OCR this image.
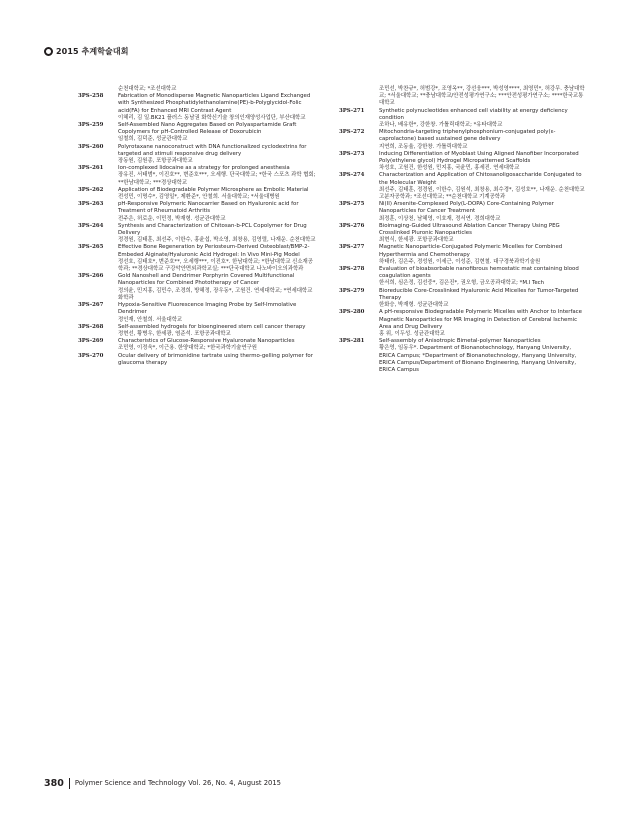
2015 추계학술대회
순천대학교; *조선대학교
3PS-258	Fabrication of Monodisperse Magnetic Nanoparticles Ligand Exchanged with Synthesized Phosphatidylethanolamine(PE)-b-Polyglycidol-Folic acid(FA) for Enhanced MRI Contrast Agent
이혜리, 김 일.BK21 플러스 동남권 화학신기술 창의인재양성사업단, 부산대학교
3PS-259	Self-Assembled Nano Aggregates Based on Polyaspartamide Graft Copolymers for pH-Controlled Release of Doxorubicin
임철희, 김덕준, 성균관대학교
3PS-260	Polyrotaxane nanoconstruct with DNA functionalized cyclodextrins for targeted and stimuli responsive drug delivery
장동원, 김원종, 포항공과대학교
3PS-261	Ion-complexed lidocaine as a strategy for prolonged anesthesia
장유진, 서태범*, 이진호**, 변준호***, 오세행. 단국대학교; *한국 스포츠 과학 협회; **한남대학교; ***경상대학교
3PS-262	Application of Biodegradable Polymer Microsphere as Embolic Material
전성민, 이명수*, 김영일*, 제환준*, 안철희. 서울대학교; *서울대병원
3PS-263	pH-Responsive Polymeric Nanocarrier Based on Hyaluronic acid for Treatment of Rheumatoid Arthritis
전주은, 허로운, 이민정, 박재형. 성균관대학교
3PS-264	Synthesis and Characterization of Chitosan-b-PCL Copolymer for Drug Delivery
정경원, 김태훈, 최선주, 이한수, 홍윤섭, 박소영, 최창용, 김영렬, 나재운. 순천대학교
3PS-265	Effective Bone Regeneration by Periosteum-Derived Osteoblast/BMP-2-Embeded Alginate/Hyaluronic Acid Hydrogel: In Vivo Mini-Pig Model
정선호, 김태호*, 변준호**, 오세행***, 이진호*. 한남대학교; *한남대학교 신소재공학과; **경상대학교 구강악안면외과학교실; ***단국대학교 나노바이오의과학과
3PS-266	Gold Nanoshell and Dendrimer Porphyrin Covered Multifunctional Nanoparticles for Combined Phototherapy of Cancer
정의윤, 민지홍, 김민수, 조경희, 방혜정, 장우동*, 고원건. 연세대학교; *연세대학교 화학과
3PS-267	Hypoxia-Sensitive Fluorescence Imaging Probe by Self-Immolative Dendrimer
정인재, 안철희. 서울대학교
3PS-268	Self-assembled hydrogels for bioengineered stem cell cancer therapy
정현선, 황병우, 한세광, 염준석. 포항공과대학교
3PS-269	Characteristics of Glucose-Responsive Hyaluronate Nanoparticles
조민영, 이정욱*, 이근용. 한양대학교; *한국과학기술연구원
3PS-270	Ocular delivery of brimonidine tartrate using thermo-gelling polymer for glaucoma therapy
조민선, 박찬규*, 허범강*, 조영옥**, 강선웅***, 박성영****, 최영민*, 허강무. 충남대학교; *서울대학교; **충남대학교/안전성평가연구소; ***안전성평가연구소; ****한국교통대학교
3PS-271	Synthetic polynucleotides enhanced cell viability at energy deficiency condition
조하나, 배유한*, 강한창. 가톨릭대학교; *유타대학교
3PS-272	Mitochondria-targeting triphenylphosphonium-conjugated poly(ε-caprolactone) based sustained gene delivery
지연희, 조동율, 강한창. 가톨릭대학교
3PS-273	Inducing Differentiation of Myoblast Using Aligned Nanofiber Incorporated Poly(ethylene glycol) Hydrogel Micropatterned Scaffolds
차성호, 고원건, 한성원, 민지홍, 국윤민, 홍세진. 연세대학교
3PS-274	Characterization and Application of Chitosanoligosaccharide Conjugated to the Molecular Weight
최선주, 김태훈, 정경원, 이한수, 김원석, 최창용, 최수경*, 김성호**, 나재운. 순천대학교 고분자공학과; *조선대학교; **순천대학교 기계공학과
3PS-275	Ni(II) Arsenite-Complexed Poly(L-DOPA) Core-Containing Polymer Nanoparticles for Cancer Treatment
최정훈, 이상천, 남혜영, 이호재, 정서연. 경희대학교
3PS-276	Bioimaging-Guided Ultrasound Ablation Cancer Therapy Using PEG Crosslinked Pluronic Nanoparticles
최현식, 한세광. 포항공과대학교
3PS-277	Magnetic Nanoparticle-Conjugated Polymeric Micelles for Combined Hyperthermia and Chemotherapy
하태라, 김은주, 정성원, 이세근, 이성준, 김현철. 대구경북과학기술원
3PS-278	Evaluation of bioabsorbable nanofibrous hemostatic mat containing blood coagulation agents
한서희, 심은정, 김선중*, 김은진*, 권오형, 금오공과대학교; *M.I Tech
3PS-279	Bioreducible Core-Crosslinked Hyaluronic Acid Micelles for Tumor-Targeted Therapy
한화승, 박재형. 성균관대학교
3PS-280	A pH-responsive Biodegradable Polymeric Micelles with Anchor to Interface Magnetic Nanoparticles for MR Imaging in Detection of Cerebral Ischemic Area and Drug Delivery
홍 위, 이두성. 성균관대학교
3PS-281	Self-assembly of Anisotropic Bimetal-polymer Nanoparticles
황은영, 임동우*. Department of Bionanotechnology, Hanyang University, ERICA Campus; *Department of Bionanotechnology, Hanyang University, ERICA Campus/Department of Bionano Engineering, Hanyang University, ERICA Campus
380 Polymer Science and Technology Vol. 26, No. 4, August 2015
